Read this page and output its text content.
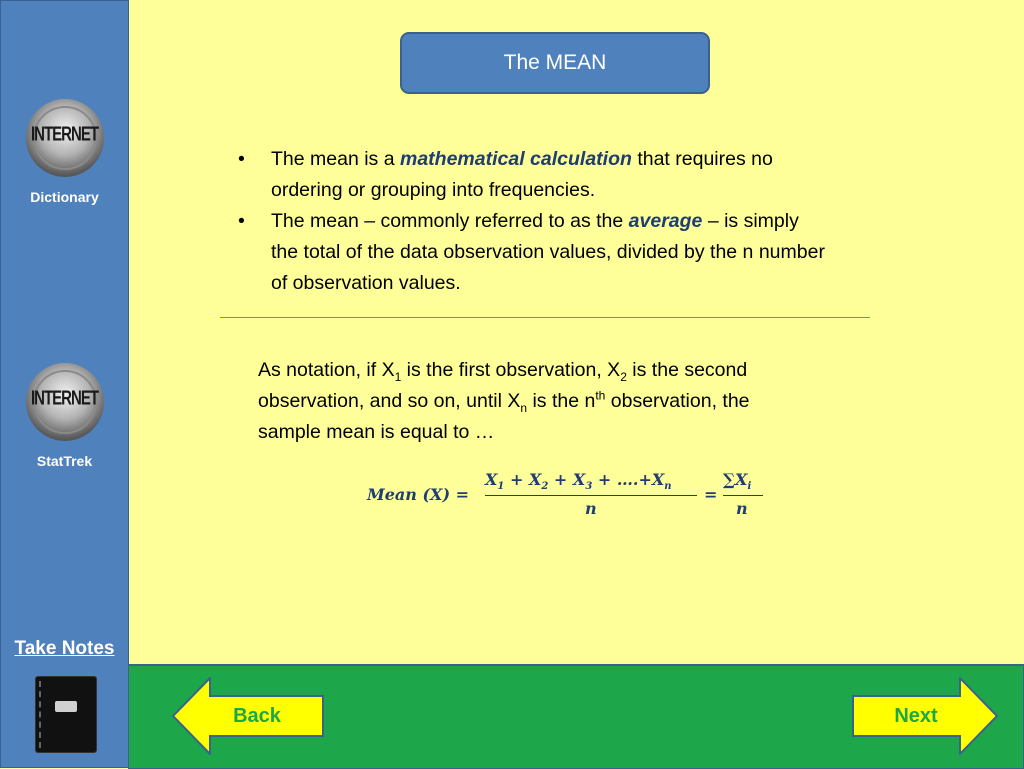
INTERNET
Dictionary
INTERNET
StatTrek
Take Notes
The MEAN
• The mean is a mathematical calculation that requires no ordering or grouping into frequencies.
• The mean – commonly referred to as the average – is simply the total of the data observation values, divided by the n number of observation values.
As notation, if $X_1$ is the first observation, $X_2$ is the second observation, and so on, until $X_n$ is the $n^{th}$ observation, the sample mean is equal to …
Mean (X) =
$X_1 + X_2 + X_3$ + $\dots.+X_n$
n
=
$\sum X_i$
n
Back	Next
